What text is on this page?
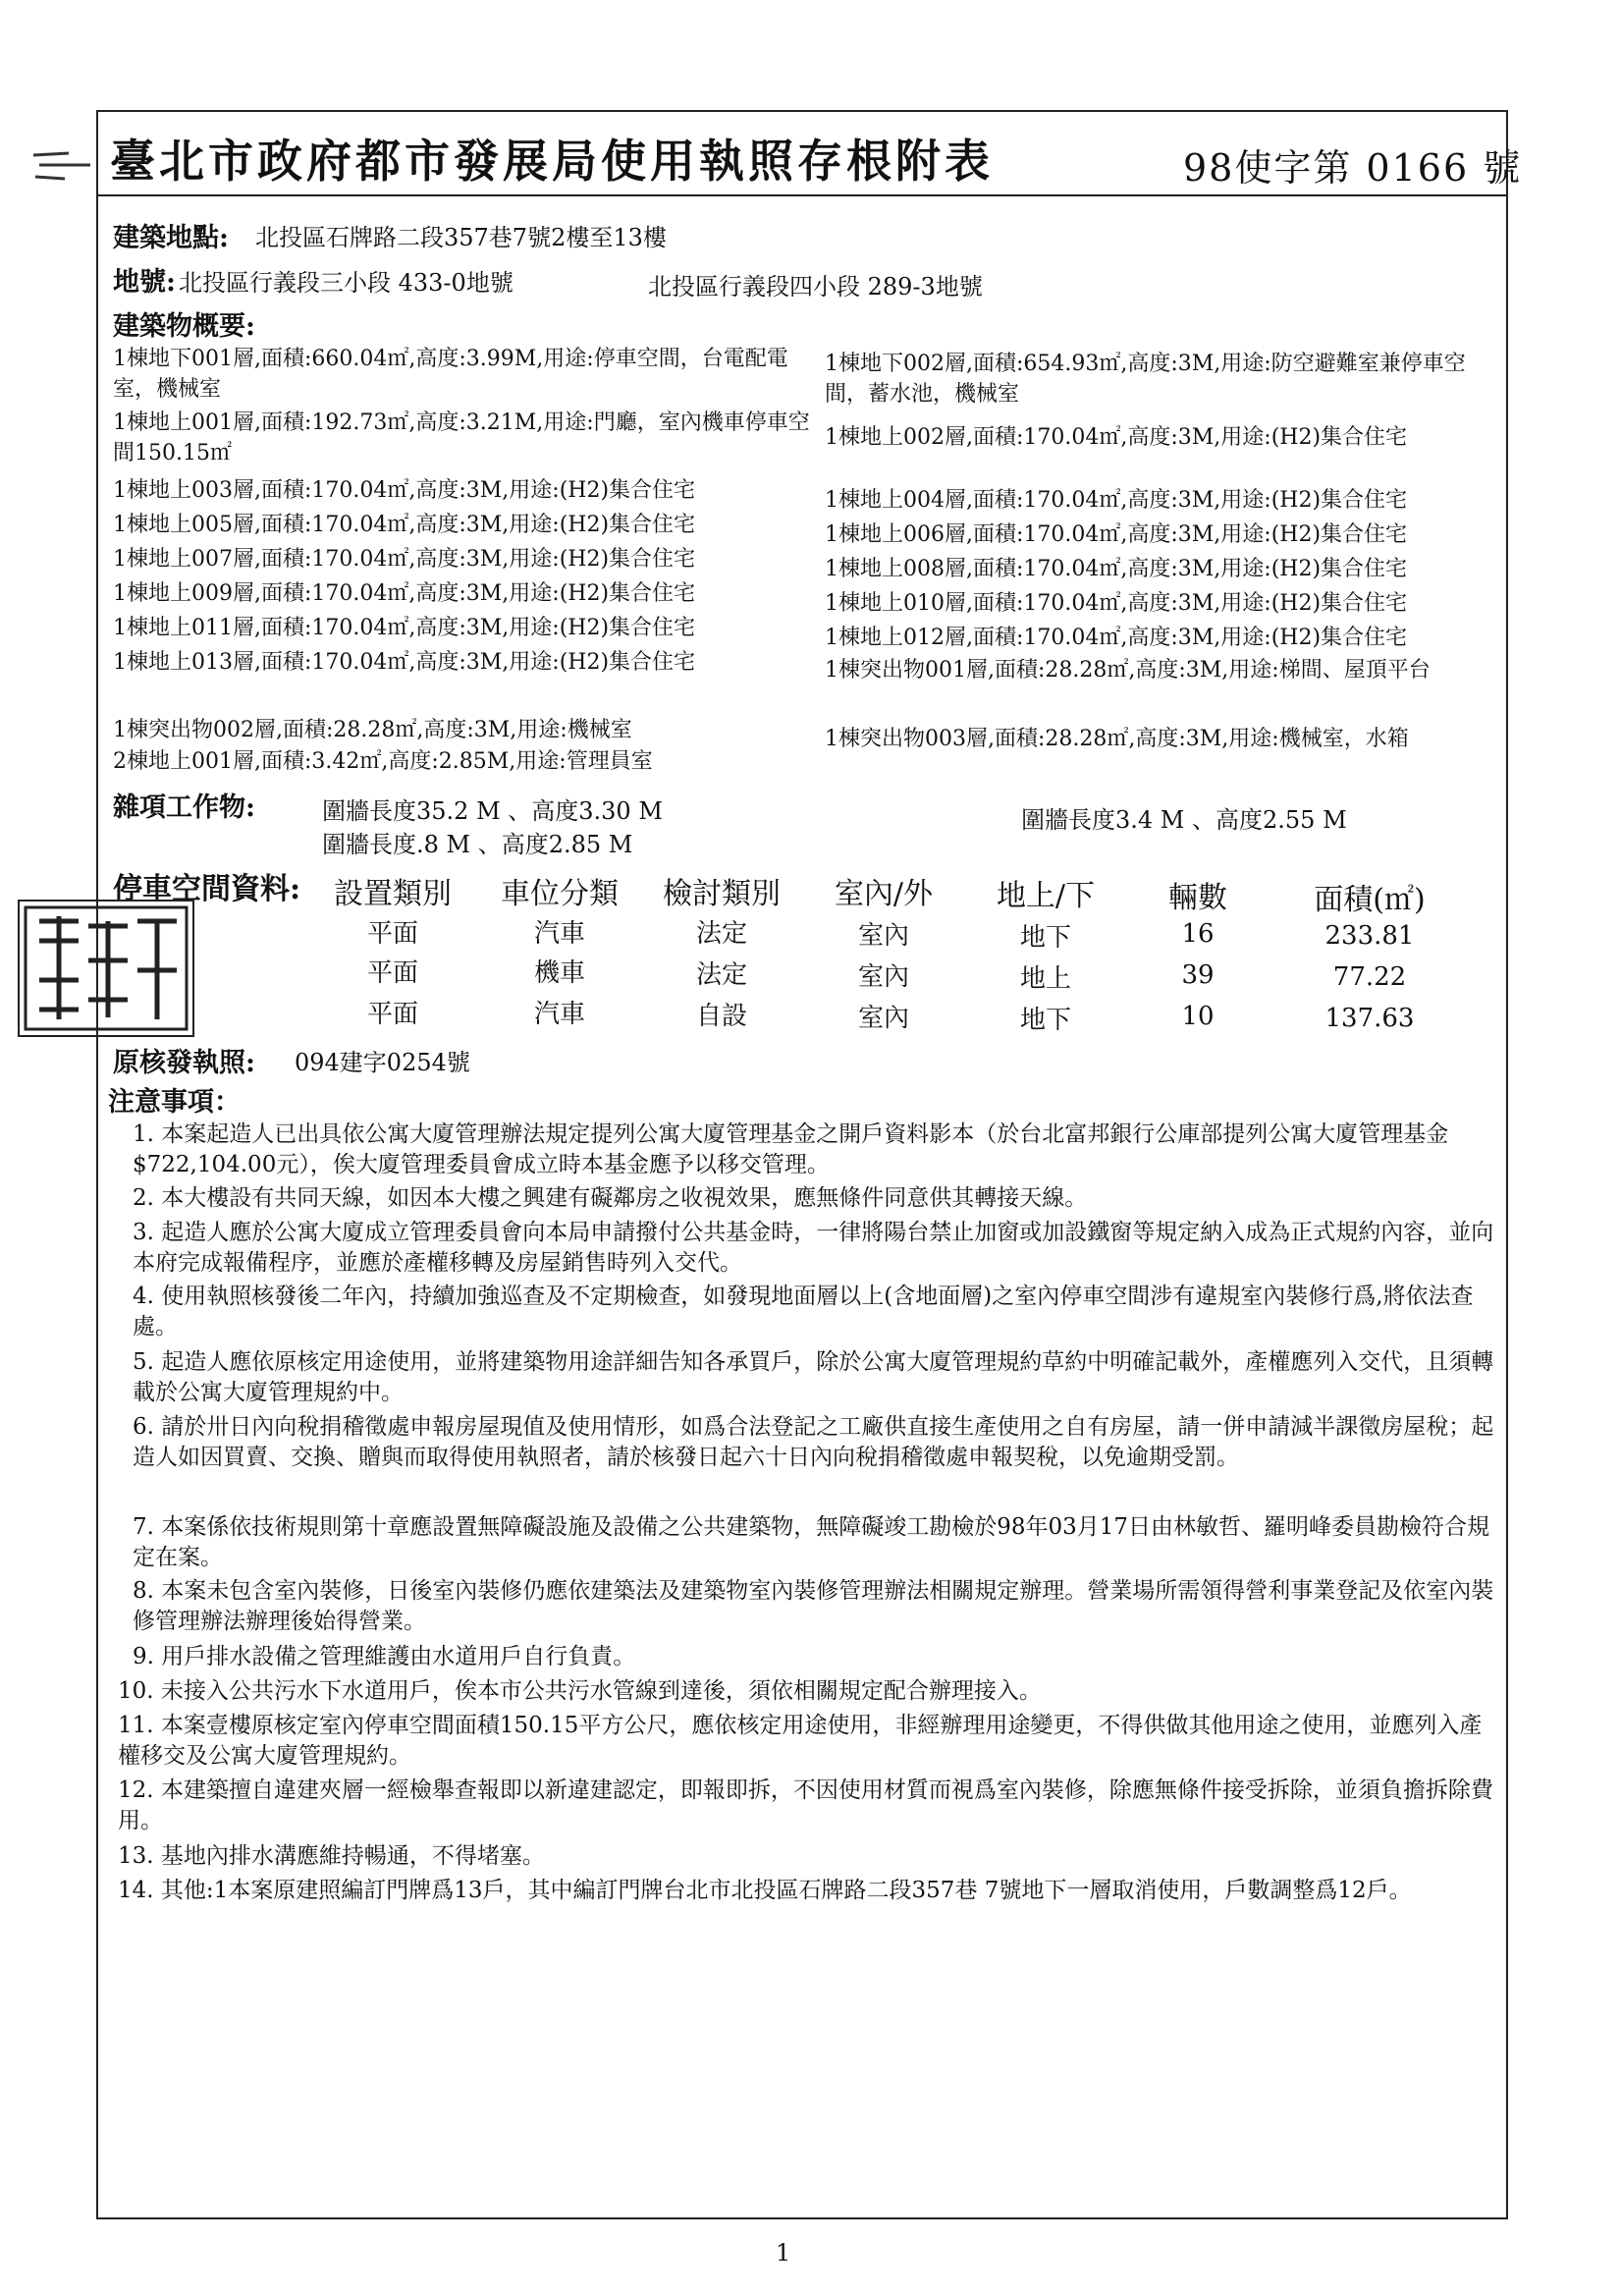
臺北市政府都市發展局使用執照存根附表	98使字第 0166 號
建築地點: 北投區石牌路二段357巷7號2樓至13樓
地號: 北投區行義段三小段 433-0地號	北投區行義段四小段 289-3地號
建築物概要:
1棟地下001層,面積:660.04㎡,高度:3.99M,用途:停車空間，台電配電室，機械室
1棟地上001層,面積:192.73㎡,高度:3.21M,用途:門廳，室內機車停車空間150.15㎡
1棟地上003層,面積:170.04㎡,高度:3M,用途:(H2)集合住宅
1棟地上005層,面積:170.04㎡,高度:3M,用途:(H2)集合住宅
1棟地上007層,面積:170.04㎡,高度:3M,用途:(H2)集合住宅
1棟地上009層,面積:170.04㎡,高度:3M,用途:(H2)集合住宅
1棟地上011層,面積:170.04㎡,高度:3M,用途:(H2)集合住宅
1棟地上013層,面積:170.04㎡,高度:3M,用途:(H2)集合住宅
1棟突出物002層,面積:28.28㎡,高度:3M,用途:機械室
2棟地上001層,面積:3.42㎡,高度:2.85M,用途:管理員室
1棟地下002層,面積:654.93㎡,高度:3M,用途:防空避難室兼停車空間，蓄水池，機械室
1棟地上002層,面積:170.04㎡,高度:3M,用途:(H2)集合住宅
1棟地上004層,面積:170.04㎡,高度:3M,用途:(H2)集合住宅
1棟地上006層,面積:170.04㎡,高度:3M,用途:(H2)集合住宅
1棟地上008層,面積:170.04㎡,高度:3M,用途:(H2)集合住宅
1棟地上010層,面積:170.04㎡,高度:3M,用途:(H2)集合住宅
1棟地上012層,面積:170.04㎡,高度:3M,用途:(H2)集合住宅
1棟突出物001層,面積:28.28㎡,高度:3M,用途:梯間、屋頂平台
1棟突出物003層,面積:28.28㎡,高度:3M,用途:機械室，水箱
雜項工作物:	圍牆長度35.2 M 、高度3.30 M
圍牆長度.8 M 、高度2.85 M
圍牆長度3.4 M 、高度2.55 M
停車空間資料:	設置類別	車位分類	檢討類別	室內/外	地上/下	輛數	面積(㎡)
平面	汽車	法定	室內	地下	16	233.81
平面	機車	法定	室內	地上	39	77.22
平面	汽車	自設	室內	地下	10	137.63
原核發執照: 094建字0254號
注意事項：
1. 本案起造人已出具依公寓大廈管理辦法規定提列公寓大廈管理基金之開戶資料影本（於台北富邦銀行公庫部提列公寓大廈管理基金$722,104.00元），俟大廈管理委員會成立時本基金應予以移交管理。
2. 本大樓設有共同天線，如因本大樓之興建有礙鄰房之收視效果，應無條件同意供其轉接天線。
3. 起造人應於公寓大廈成立管理委員會向本局申請撥付公共基金時，一律將陽台禁止加窗或加設鐵窗等規定納入成為正式規約內容，並向本府完成報備程序，並應於產權移轉及房屋銷售時列入交代。
4. 使用執照核發後二年內，持續加強巡查及不定期檢查，如發現地面層以上(含地面層)之室內停車空間涉有違規室內裝修行爲,將依法查處。
5. 起造人應依原核定用途使用，並將建築物用途詳細告知各承買戶，除於公寓大廈管理規約草約中明確記載外，產權應列入交代，且須轉載於公寓大廈管理規約中。
6. 請於卅日內向稅捐稽徵處申報房屋現值及使用情形，如爲合法登記之工廠供直接生產使用之自有房屋，請一併申請減半課徵房屋稅；起造人如因買賣、交換、贈與而取得使用執照者，請於核發日起六十日內向稅捐稽徵處申報契稅，以免逾期受罰。
7. 本案係依技術規則第十章應設置無障礙設施及設備之公共建築物，無障礙竣工勘檢於98年03月17日由林敏哲、羅明峰委員勘檢符合規定在案。
8. 本案未包含室內裝修，日後室內裝修仍應依建築法及建築物室內裝修管理辦法相關規定辦理。營業場所需領得營利事業登記及依室內裝修管理辦法辦理後始得營業。
9. 用戶排水設備之管理維護由水道用戶自行負責。
10. 未接入公共污水下水道用戶，俟本市公共污水管線到達後，須依相關規定配合辦理接入。
11. 本案壹樓原核定室內停車空間面積150.15平方公尺，應依核定用途使用，非經辦理用途變更，不得供做其他用途之使用，並應列入產權移交及公寓大廈管理規約。
12. 本建築擅自違建夾層一經檢舉查報即以新違建認定，即報即拆，不因使用材質而視爲室內裝修，除應無條件接受拆除，並須負擔拆除費用。
13. 基地內排水溝應維持暢通，不得堵塞。
14. 其他:1本案原建照編訂門牌爲13戶，其中編訂門牌台北市北投區石牌路二段357巷 7號地下一層取消使用，戶數調整爲12戶。
1
